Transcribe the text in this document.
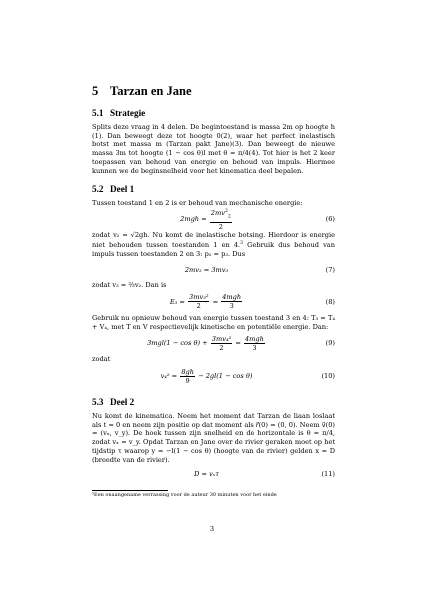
5 Tarzan en Jane
5.1 Strategie

Splits deze vraag in 4 delen. De begintoestand is massa 2m op hoogte h (1). Dan beweegt deze tot hoogte 0(2), waar het perfect inelastisch botst met massa m (Tarzan pakt Jane)(3). Dan beweegt de nieuwe massa 3m tot hoogte (1 − cos θ)l met θ = π/4(4). Tot hier is het 2 keer toepassen van behoud van energie en behoud van impuls. Hiermee kunnen we de beginsnelheid voor het kinematica deel bepalen.

5.2 Deel 1

Tussen toestand 1 en 2 is er behoud van mechanische energie:

2mgh =
$\frac{2mv^2_2}{2}$	(6)

zodat v₂ = √2gh. Nu komt de inelastische botsing. Hierdoor is energie niet behouden tussen toestanden 1 en 4.$^3$ Gebruik dus behoud van impuls tussen toestanden 2 en 3: p₂ = p₃. Dus

2mv₂ = 3mv₃	(7)

zodat v₃ = ⅔v₂. Dan is

E₃ =
$\frac{\text{3mv₃²}}{2}$
=
$\frac{\text{4mgh}}{3}$	(8)

Gebruik nu opnieuw behoud van energie tussen toestand 3 en 4: T₃ = T₄ + V₄, met T en V respectievelijk kinetische en potentiële energie. Dan:

3mgl(1 − cos θ) +
$\frac{\text{3mv₄²}}{2}$
=
$\frac{\text{4mgh}}{3}$	(9)

zodat

v₄² =
$\frac{8gh}{9}$
− 2gl(1 − cos θ)	(10)
5.3 Deel 2

Nu komt de kinematica. Neem het moment dat Tarzan de liaan loslaat als t = 0 en neem zijn positie op dat moment als r⃗(0) = (0, 0). Neem v⃗(0) = (vₓ, v_y). De hoek tussen zijn snelheid en de horizontale is θ = π/4, zodat vₓ = v_y. Opdat Tarzan en Jane over de rivier geraken moet op het tijdstip τ waarop y = −l(1 − cos θ) (hoogte van de rivier) gelden x = D (breedte van de rivier).

D = vₓτ	(11)

³Een onaangename verrassing voor de auteur 30 minuten voor het einde

3
